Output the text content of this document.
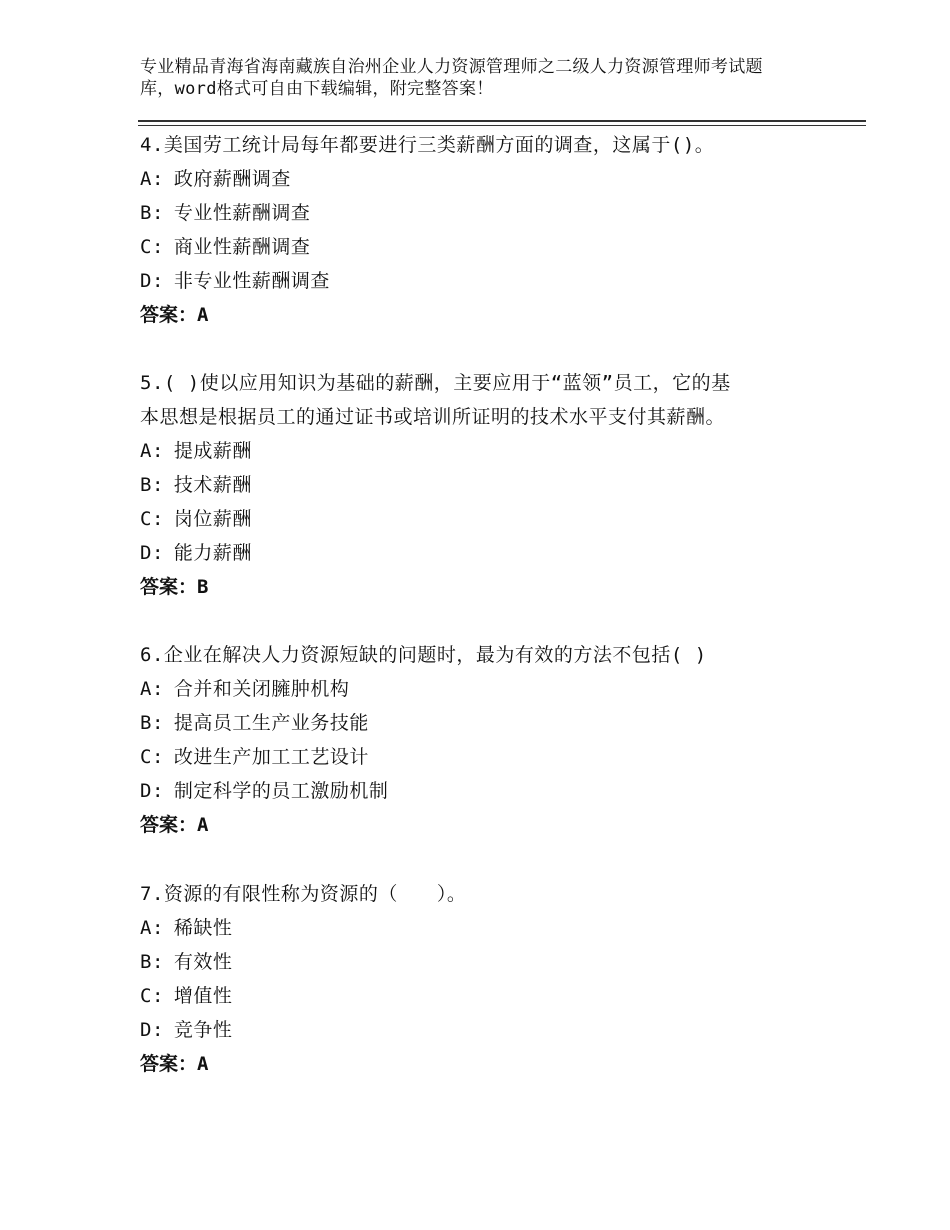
专业精品青海省海南藏族自治州企业人力资源管理师之二级人力资源管理师考试题
库，word格式可自由下载编辑，附完整答案！
4.美国劳工统计局每年都要进行三类薪酬方面的调查，这属于()。
A: 政府薪酬调查
B: 专业性薪酬调查
C: 商业性薪酬调查
D: 非专业性薪酬调查
答案：A
5.( )使以应用知识为基础的薪酬，主要应用于“蓝领”员工，它的基
本思想是根据员工的通过证书或培训所证明的技术水平支付其薪酬。
A: 提成薪酬
B: 技术薪酬
C: 岗位薪酬
D: 能力薪酬
答案：B
6.企业在解决人力资源短缺的问题时，最为有效的方法不包括( )
A: 合并和关闭臃肿机构
B: 提高员工生产业务技能
C: 改进生产加工工艺设计
D: 制定科学的员工激励机制
答案：A
7.资源的有限性称为资源的（　　）。
A: 稀缺性
B: 有效性
C: 增值性
D: 竞争性
答案：A
